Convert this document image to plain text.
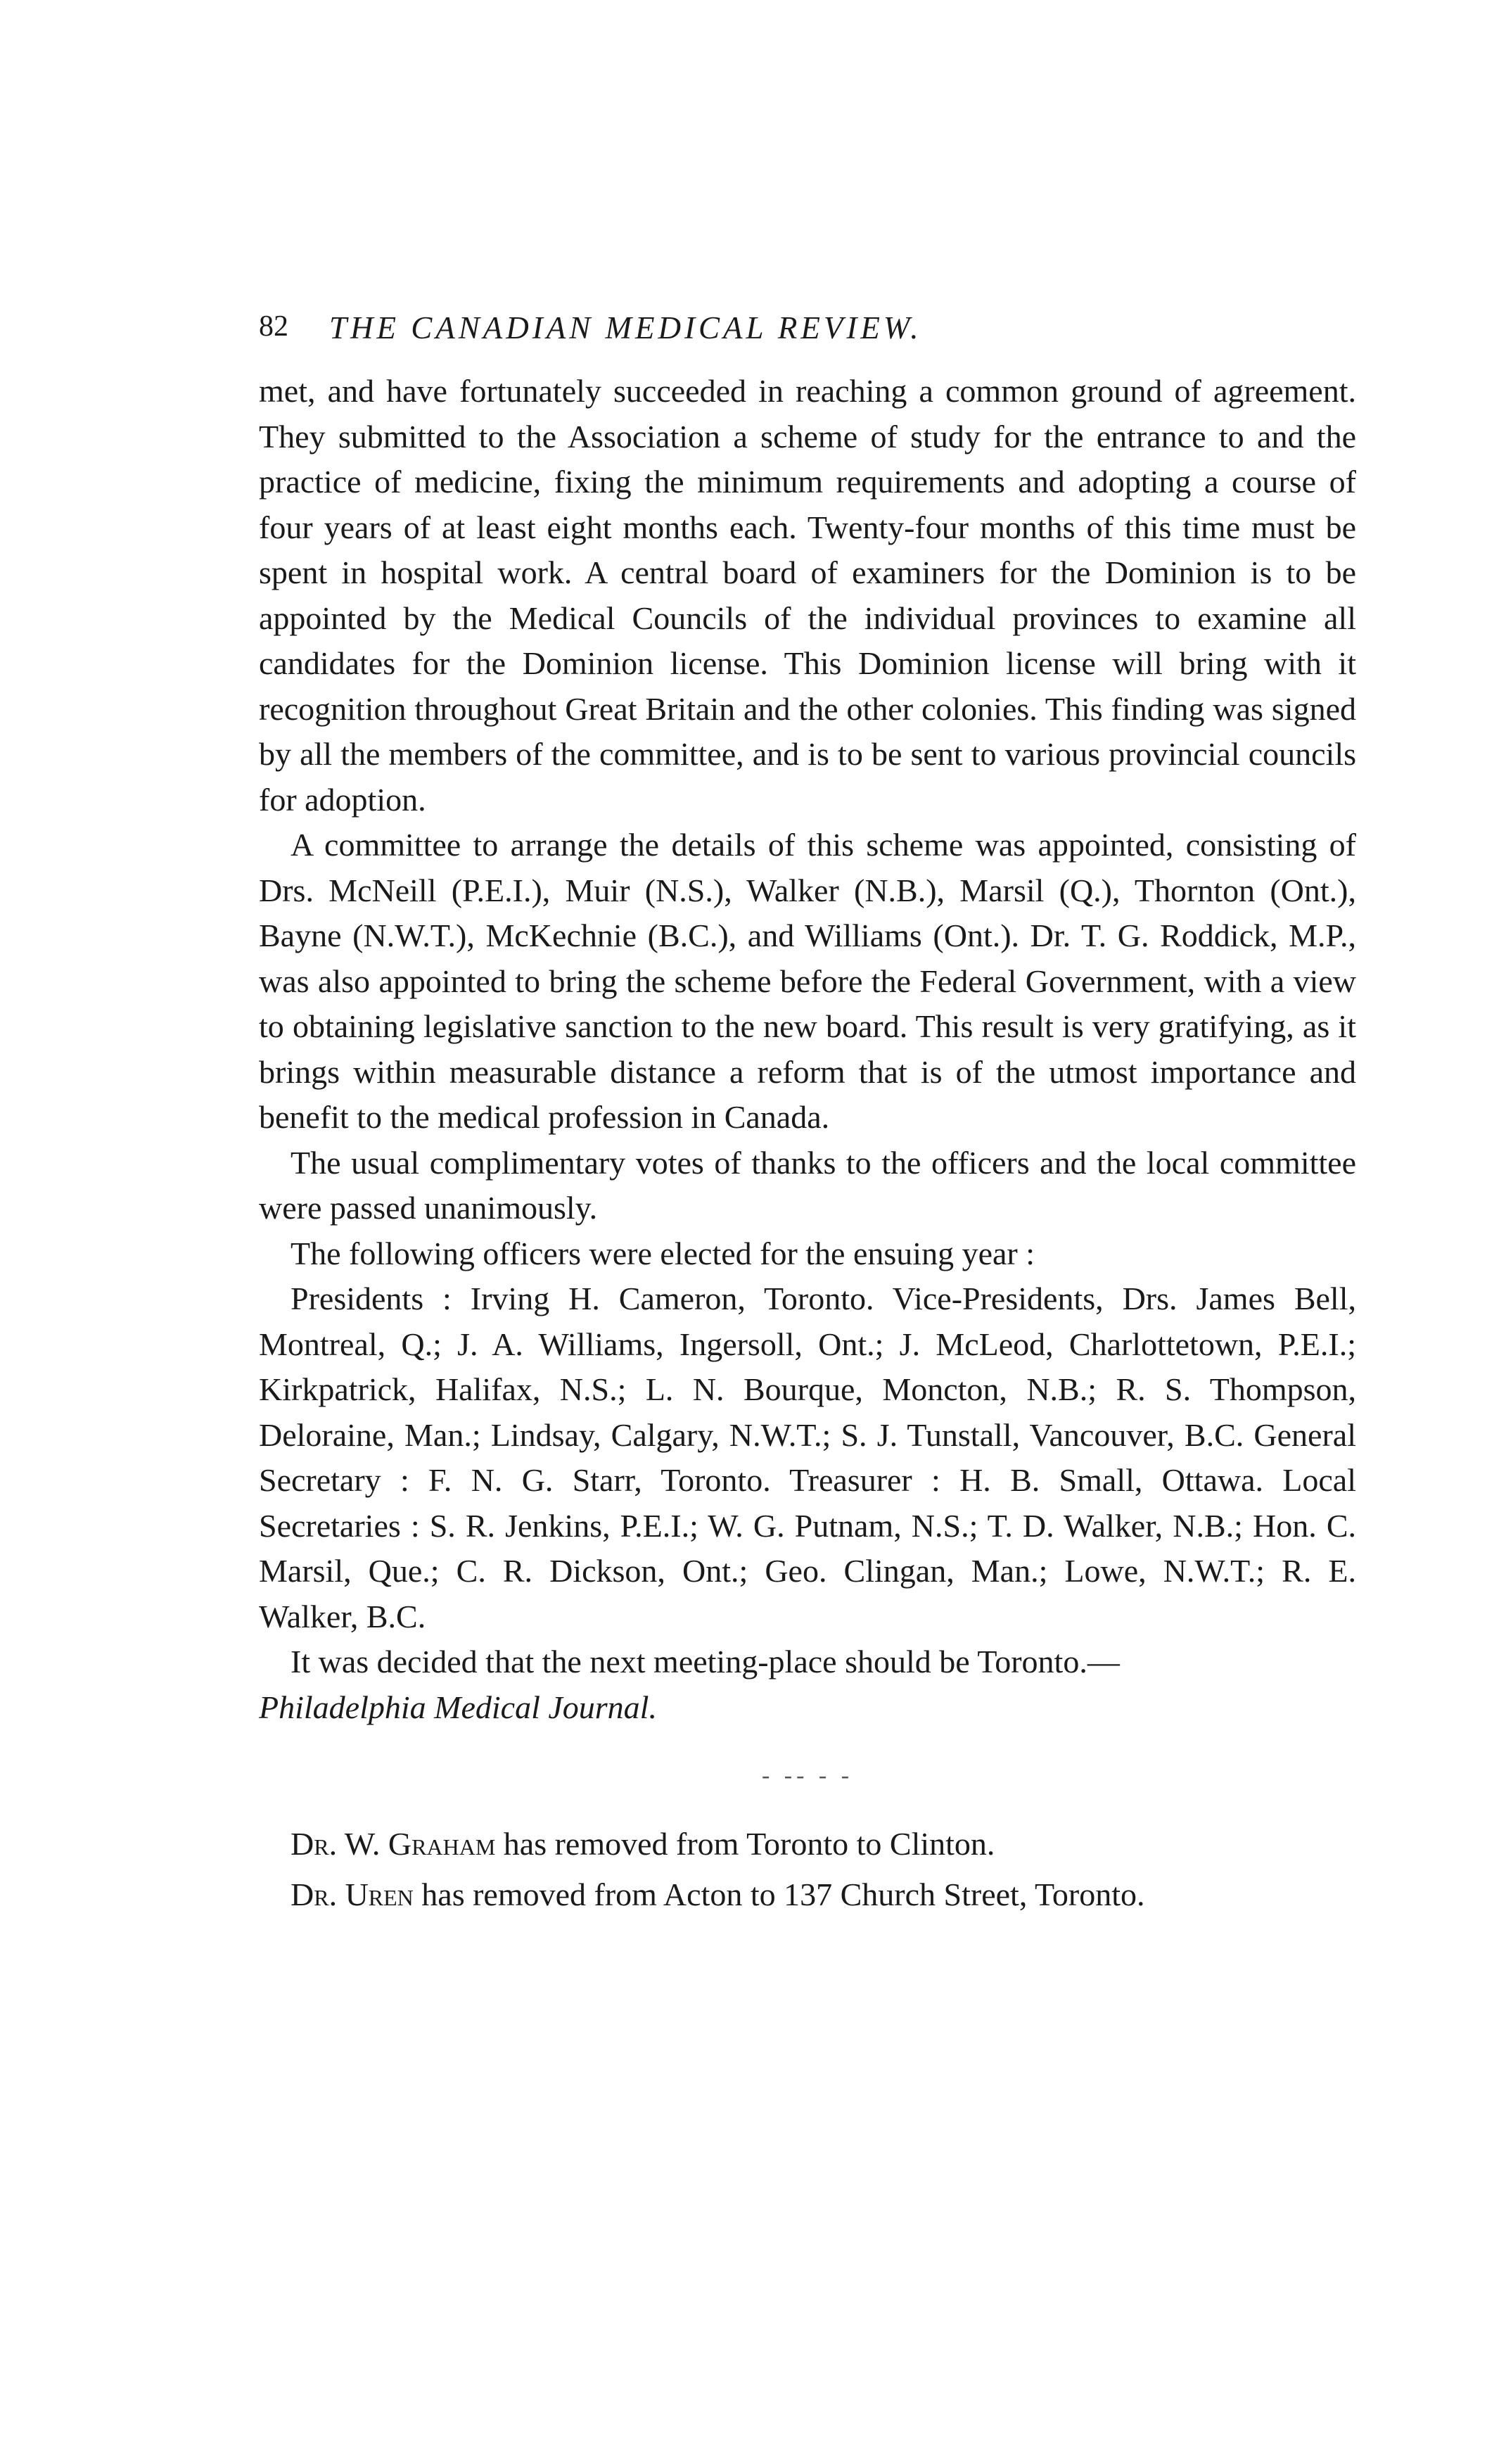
82 THE CANADIAN MEDICAL REVIEW.

met, and have fortunately succeeded in reaching a common ground of agreement. They submitted to the Association a scheme of study for the entrance to and the practice of medicine, fixing the minimum requirements and adopting a course of four years of at least eight months each. Twenty-four months of this time must be spent in hospital work. A central board of examiners for the Dominion is to be appointed by the Medical Councils of the individual provinces to examine all candidates for the Dominion license. This Dominion license will bring with it recognition throughout Great Britain and the other colonies. This finding was signed by all the members of the committee, and is to be sent to various provincial councils for adoption.

A committee to arrange the details of this scheme was appointed, consisting of Drs. McNeill (P.E.I.), Muir (N.S.), Walker (N.B.), Marsil (Q.), Thornton (Ont.), Bayne (N.W.T.), McKechnie (B.C.), and Williams (Ont.). Dr. T. G. Roddick, M.P., was also appointed to bring the scheme before the Federal Government, with a view to obtaining legislative sanction to the new board. This result is very gratifying, as it brings within measurable distance a reform that is of the utmost importance and benefit to the medical profession in Canada.

The usual complimentary votes of thanks to the officers and the local committee were passed unanimously.

The following officers were elected for the ensuing year :

Presidents : Irving H. Cameron, Toronto. Vice-Presidents, Drs. James Bell, Montreal, Q.; J. A. Williams, Ingersoll, Ont.; J. McLeod, Charlottetown, P.E.I.; Kirkpatrick, Halifax, N.S.; L. N. Bourque, Moncton, N.B.; R. S. Thompson, Deloraine, Man.; Lindsay, Calgary, N.W.T.; S. J. Tunstall, Vancouver, B.C. General Secretary : F. N. G. Starr, Toronto. Treasurer : H. B. Small, Ottawa. Local Secretaries : S. R. Jenkins, P.E.I.; W. G. Putnam, N.S.; T. D. Walker, N.B.; Hon. C. Marsil, Que.; C. R. Dickson, Ont.; Geo. Clingan, Man.; Lowe, N.W.T.; R. E. Walker, B.C.

It was decided that the next meeting-place should be Toronto.—

Philadelphia Medical Journal.

- -- - -

Dr. W. Graham has removed from Toronto to Clinton.

Dr. Uren has removed from Acton to 137 Church Street, Toronto.
